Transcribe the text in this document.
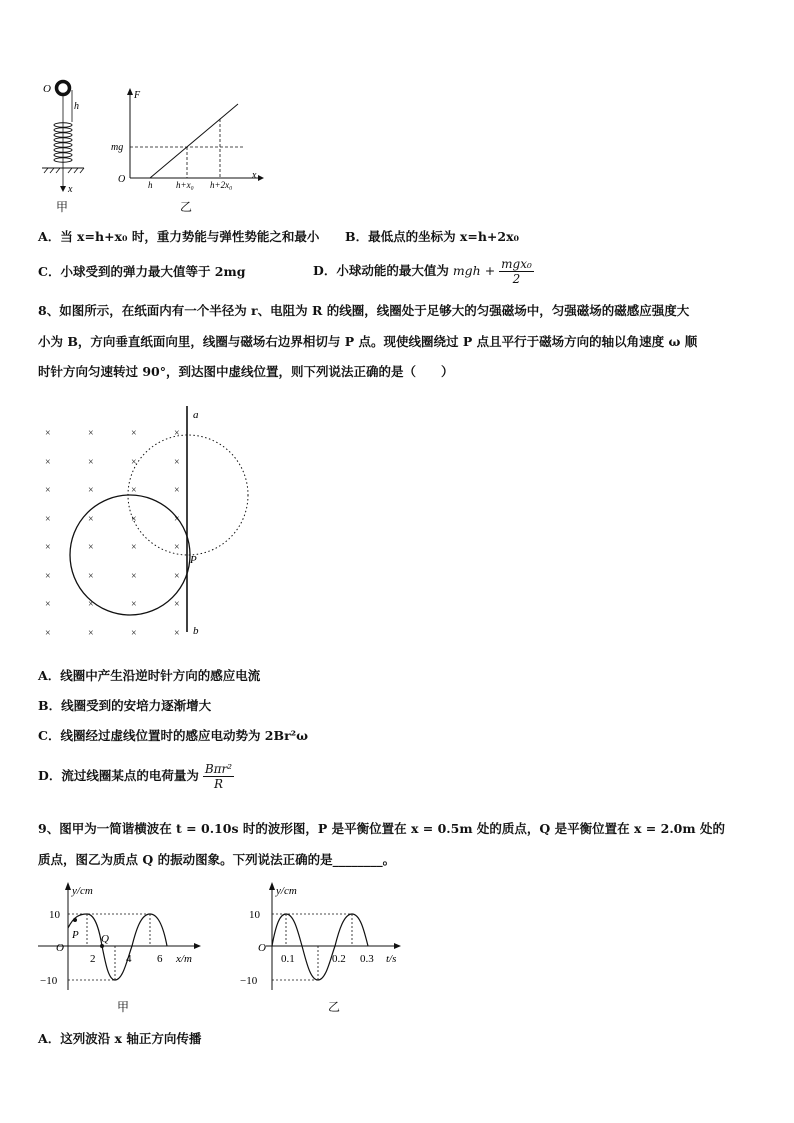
O
h
x
甲
F
x
O
mg
h	h+x₀ h+2x₀
乙
A．当 x=h+x₀ 时，重力势能与弹性势能之和最小 B．最低点的坐标为 x=h+2x₀
C．小球受到的弹力最大值等于 2mg	D．小球动能的最大值为 mgh + $\frac{\text{mgx₀}}{2}$
8、如图所示，在纸面内有一个半径为 r、电阻为 R 的线圈，线圈处于足够大的匀强磁场中，匀强磁场的磁感应强度大
小为 B，方向垂直纸面向里，线圈与磁场右边界相切与 P 点。现使线圈绕过 P 点且平行于磁场方向的轴以角速度 ω 顺
时针方向匀速转过 90°，到达图中虚线位置，则下列说法正确的是（　　）
×	×	×	×
×	×	×	×
×	×	×	×
×	×	×	×
×	×	×	×
×	×	×	×
×	×	×	×
×	×	×	×
a
b
P
A．线圈中产生沿逆时针方向的感应电流
B．线圈受到的安培力逐渐增大
C．线圈经过虚线位置时的感应电动势为 2Br²ω
D．流过线圈某点的电荷量为 $\frac{\text{Bπr²}}{R}$
9、图甲为一简谐横波在 t = 0.10s 时的波形图，P 是平衡位置在 x = 0.5m 处的质点，Q 是平衡位置在 x = 2.0m 处的
质点，图乙为质点 Q 的振动图象。下列说法正确的是________。
y/cm
x/m
O
10
−10
P Q
2	4 6
甲
y/cm
t/s
O
10
−10
0.1	0.2 0.3
乙
A．这列波沿 x 轴正方向传播
